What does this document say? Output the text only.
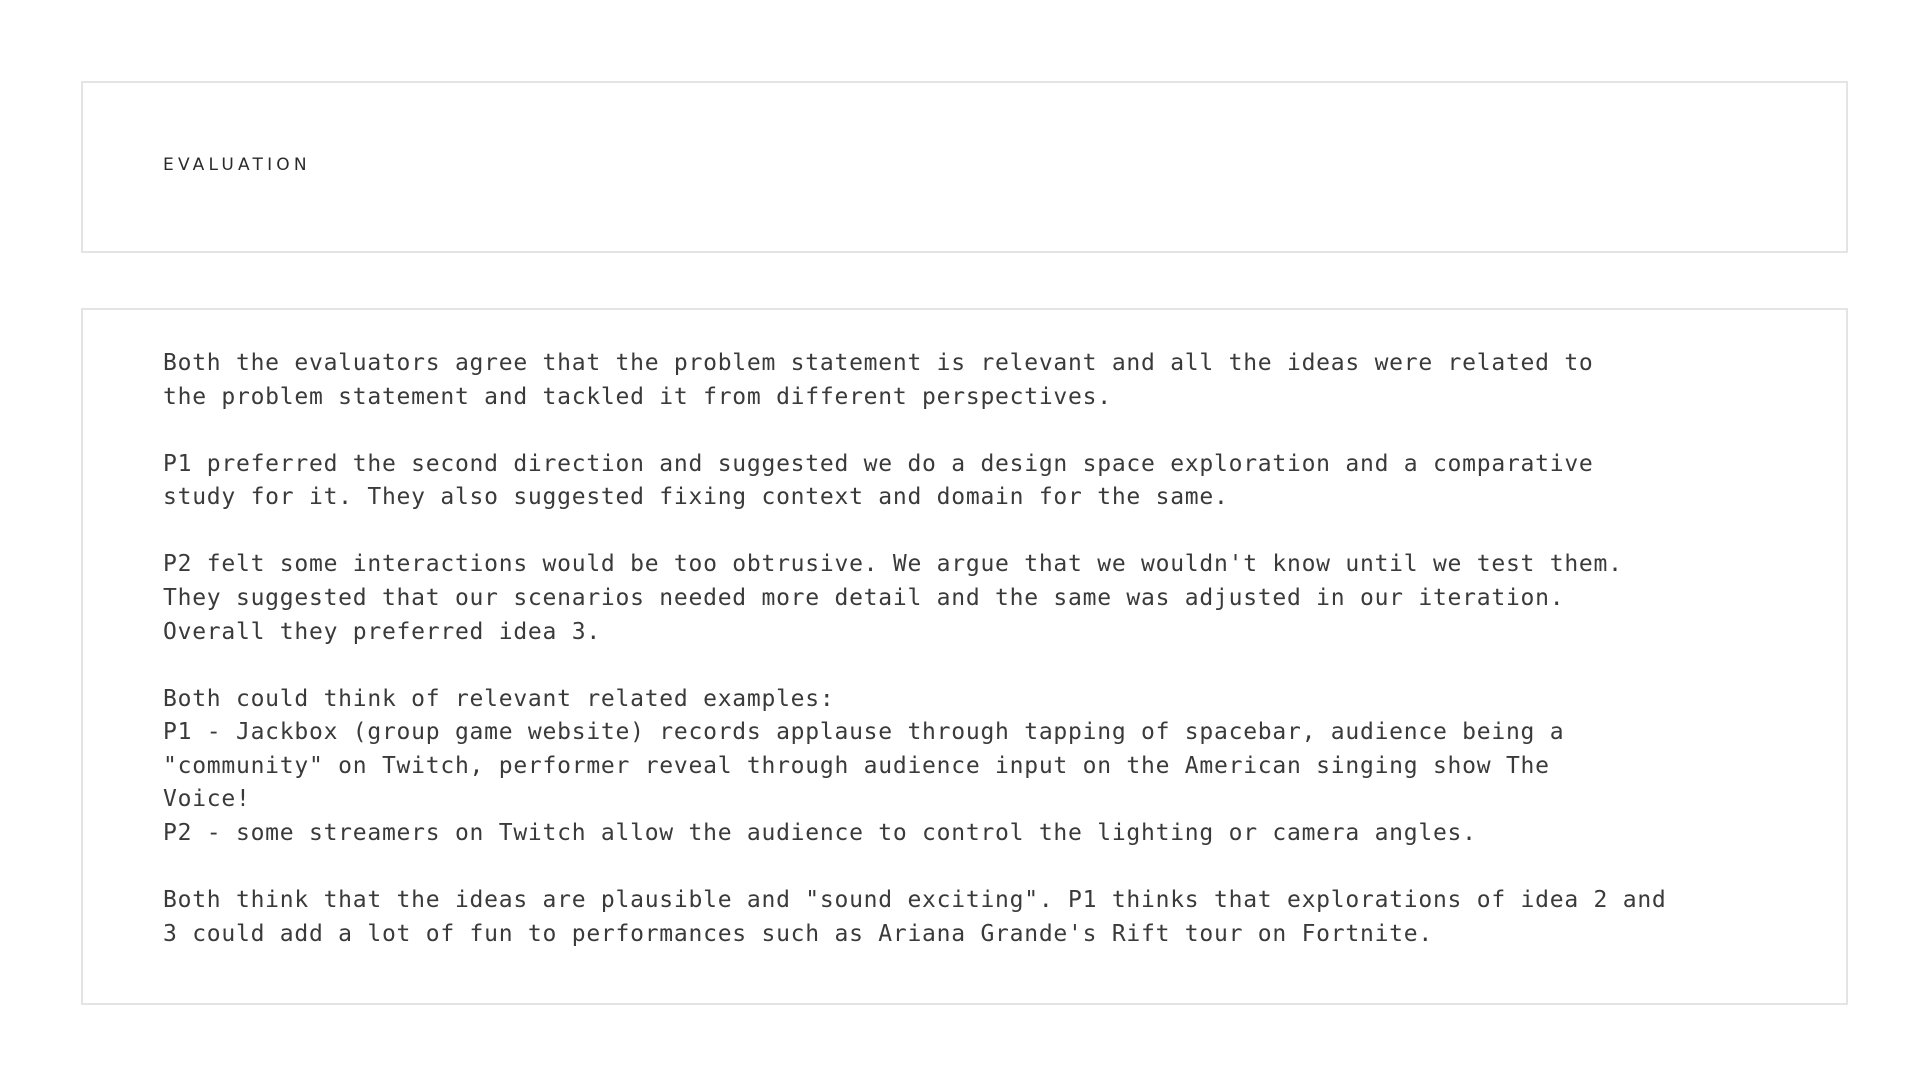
EVALUATION

Both the evaluators agree that the problem statement is relevant and all the ideas were related to
the problem statement and tackled it from different perspectives.

P1 preferred the second direction and suggested we do a design space exploration and a comparative
study for it. They also suggested fixing context and domain for the same.

P2 felt some interactions would be too obtrusive. We argue that we wouldn't know until we test them.
They suggested that our scenarios needed more detail and the same was adjusted in our iteration.
Overall they preferred idea 3.

Both could think of relevant related examples:
P1 - Jackbox (group game website) records applause through tapping of spacebar, audience being a
"community" on Twitch, performer reveal through audience input on the American singing show The
Voice!
P2 - some streamers on Twitch allow the audience to control the lighting or camera angles.

Both think that the ideas are plausible and "sound exciting". P1 thinks that explorations of idea 2 and
3 could add a lot of fun to performances such as Ariana Grande's Rift tour on Fortnite.
